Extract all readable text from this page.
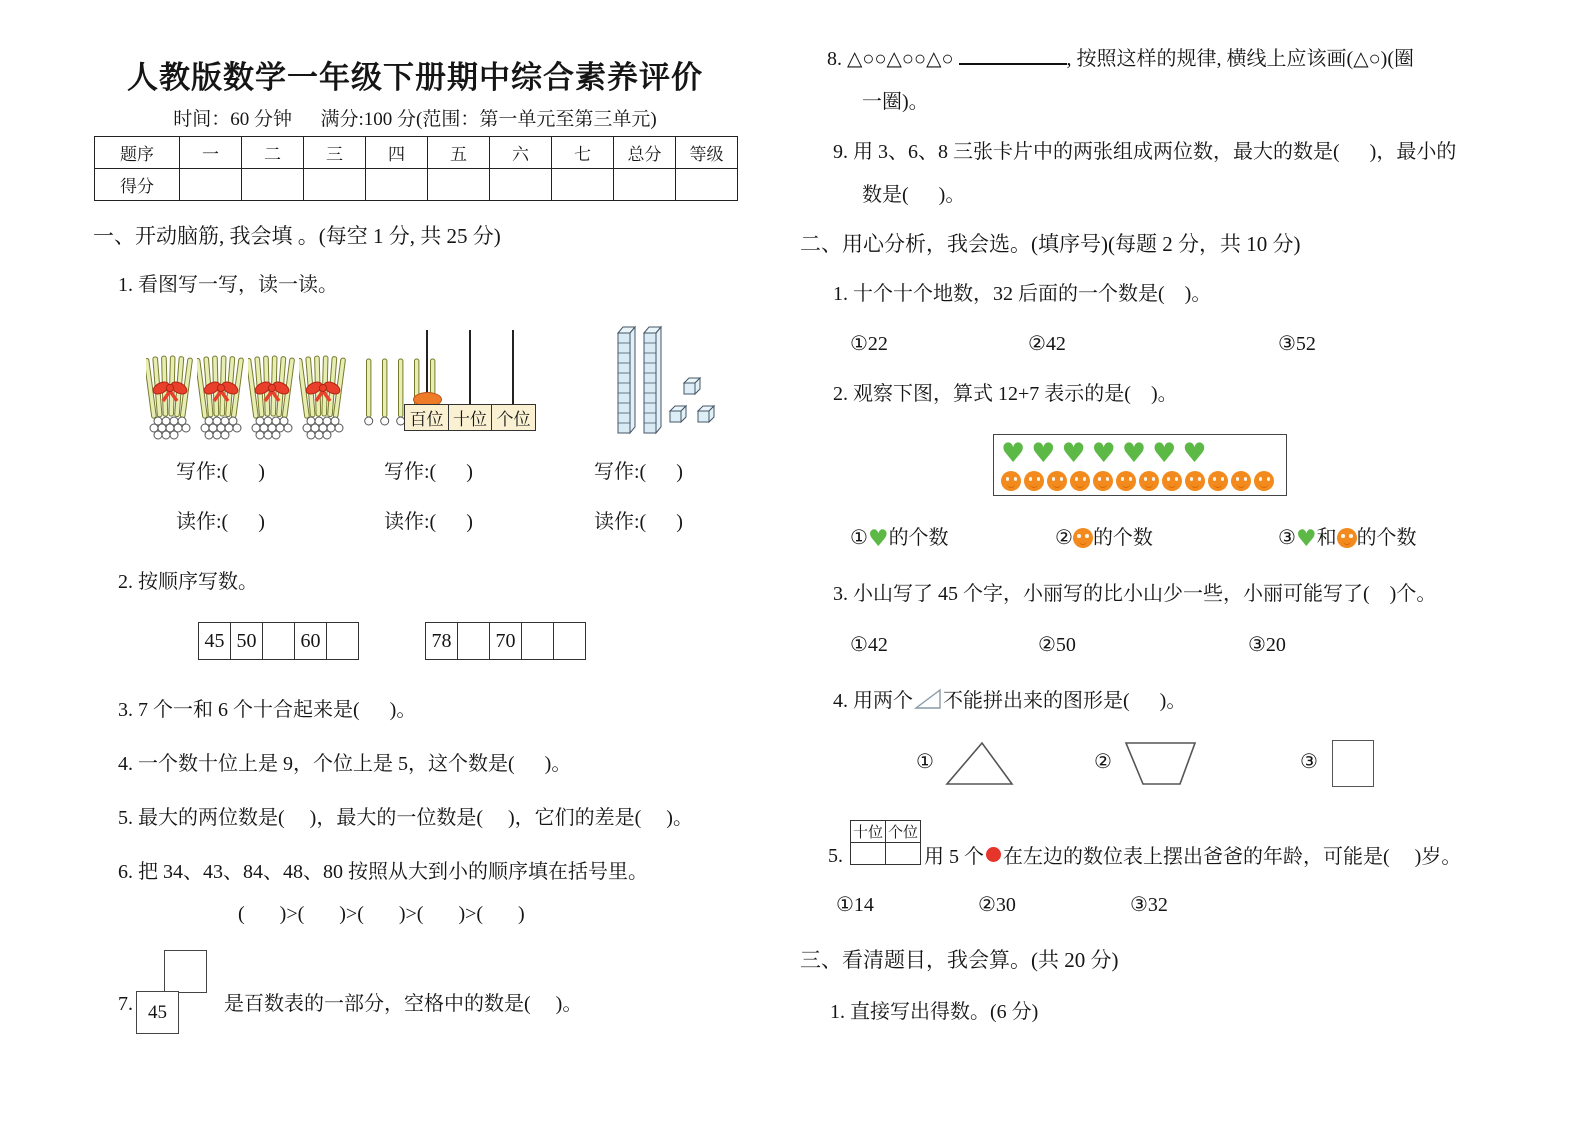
人教版数学一年级下册期中综合素养评价
时间：60 分钟      满分:100 分(范围：第一单元至第三单元)
题序	一	二	三	四	五	六	七	总分	等级
得分									
一、开动脑筋, 我会填 。(每空 1 分, 共 25 分)
1. 看图写一写，读一读。
百位 十位 个位
写作:(      )	写作:(      )	写作:(      )
读作:(      )	读作:(      )	读作:(      )
2. 按顺序写数。
45	50		60		78		70		
3. 7 个一和 6 个十合起来是(      )。
4. 一个数十位上是 9，个位上是 5，这个数是(      )。
5. 最大的两位数是(     )，最大的一位数是(     )，它们的差是(     )。
6. 把 34、43、84、48、80 按照从大到小的顺序填在括号里。
(       )>(       )>(       )>(       )>(       )
7. 45	是百数表的一部分，空格中的数是(     )。
8. △○○△○○△○	, 按照这样的规律, 横线上应该画(△○)(圈
一圈)。
9. 用 3、6、8 三张卡片中的两张组成两位数，最大的数是(      )，最小的
数是(      )。
二、用心分析，我会选。(填序号)(每题 2 分，共 10 分)
1. 十个十个地数，32 后面的一个数是(    )。
①22	②42	③52
2. 观察下图，算式 12+7 表示的是(    )。
♥ ♥ ♥ ♥ ♥ ♥ ♥
①♥的个数	② 的个数	③♥和 的个数
3. 小山写了 45 个字，小丽写的比小山少一些，小丽可能写了(    )个。
①42	②50	③20
4. 用两个 不能拼出来的图形是(      )。
①	②	③
5.
十位	个位

用 5 个 在左边的数位表上摆出爸爸的年龄，可能是(     )岁。
①14	②30	③32
三、看清题目，我会算。(共 20 分)
1. 直接写出得数。(6 分)
